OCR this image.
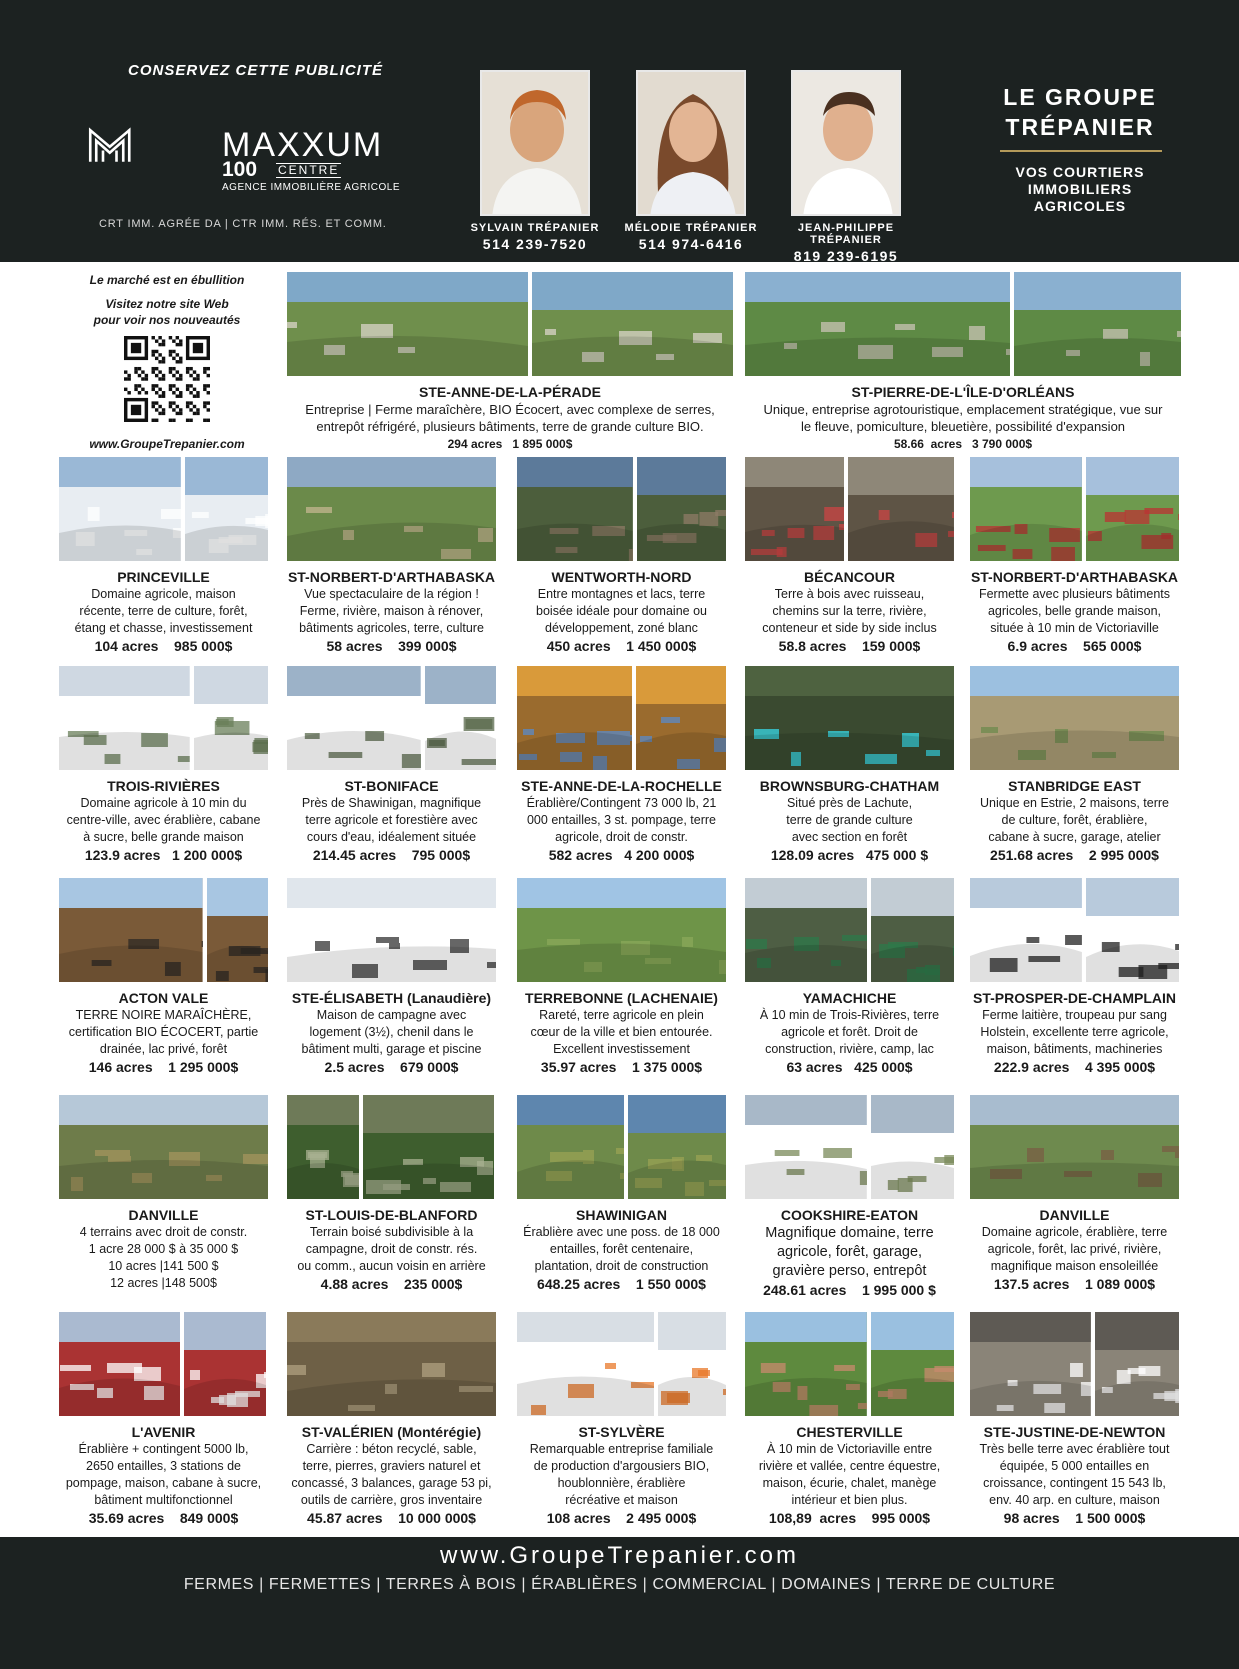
CONSERVEZ CETTE PUBLICITÉ
MAXXUM
100 CENTRE
AGENCE IMMOBILIÈRE AGRICOLE
CRT IMM. AGRÉE DA | CTR IMM. RÉS. ET COMM.	SYLVAIN TRÉPANIER
514 239-7520
MÉLODIE TRÉPANIER
514 974-6416
JEAN-PHILIPPE TRÉPANIER
819 239-6195
LE GROUPE
TRÉPANIER
VOS COURTIERS
IMMOBILIERS
AGRICOLES
Le marché est en ébullition
Visitez notre site Web
pour voir nos nouveautés
www.GroupeTrepanier.com
STE-ANNE-DE-LA-PÉRADE
Entreprise | Ferme maraîchère, BIO Écocert, avec complexe de serres,
entrepôt réfrigéré, plusieurs bâtiments, terre de grande culture BIO.
294 acres   1 895 000$
ST-PIERRE-DE-L'ÎLE-D'ORLÉANS
Unique, entreprise agrotouristique, emplacement stratégique, vue sur
le fleuve, pomiculture, bleuetière, possibilité d'expansion
58.66  acres   3 790 000$
PRINCEVILLE
Domaine agricole, maison
récente, terre de culture, forêt,
étang et chasse, investissement
104 acres    985 000$
ST-NORBERT-D'ARTHABASKA
Vue spectaculaire de la région !
Ferme, rivière, maison à rénover,
bâtiments agricoles, terre, culture
58 acres    399 000$
WENTWORTH-NORD
Entre montagnes et lacs, terre
boisée idéale pour domaine ou
développement, zoné blanc
450 acres    1 450 000$
BÉCANCOUR
Terre à bois avec ruisseau,
chemins sur la terre, rivière,
conteneur et side by side inclus
58.8 acres    159 000$
ST-NORBERT-D'ARTHABASKA
Fermette avec plusieurs bâtiments
agricoles, belle grande maison,
située à 10 min de Victoriaville
6.9 acres    565 000$
TROIS-RIVIÈRES
Domaine agricole à 10 min du
centre-ville, avec érablière, cabane
à sucre, belle grande maison
123.9 acres   1 200 000$
ST-BONIFACE
Près de Shawinigan, magnifique
terre agricole et forestière avec
cours d'eau, idéalement située
214.45 acres    795 000$
STE-ANNE-DE-LA-ROCHELLE
Érablière/Contingent 73 000 lb, 21
000 entailles, 3 st. pompage, terre
agricole, droit de constr.
582 acres   4 200 000$
BROWNSBURG-CHATHAM
Situé près de Lachute,
terre de grande culture
avec section en forêt
128.09 acres   475 000 $
STANBRIDGE EAST
Unique en Estrie, 2 maisons, terre
de culture, forêt, érablière,
cabane à sucre, garage, atelier
251.68 acres    2 995 000$
ACTON VALE
TERRE NOIRE MARAÎCHÈRE,
certification BIO ÉCOCERT, partie
drainée, lac privé, forêt
146 acres    1 295 000$
STE-ÉLISABETH (Lanaudière)
Maison de campagne avec
logement (3½), chenil dans le
bâtiment multi, garage et piscine
2.5 acres    679 000$
TERREBONNE (LACHENAIE)
Rareté, terre agricole en plein
cœur de la ville et bien entourée.
Excellent investissement
35.97 acres    1 375 000$
YAMACHICHE
À 10 min de Trois-Rivières, terre
agricole et forêt. Droit de
construction, rivière, camp, lac
63 acres   425 000$
ST-PROSPER-DE-CHAMPLAIN
Ferme laitière, troupeau pur sang
Holstein, excellente terre agricole,
maison, bâtiments, machineries
222.9 acres    4 395 000$
DANVILLE
4 terrains avec droit de constr.
1 acre 28 000 $ à 35 000 $
10 acres |141 500 $
12 acres |148 500$
ST-LOUIS-DE-BLANFORD
Terrain boisé subdivisible à la
campagne, droit de constr. rés.
ou comm., aucun voisin en arrière
4.88 acres    235 000$
SHAWINIGAN
Érablière avec une poss. de 18 000
entailles, forêt centenaire,
plantation, droit de construction
648.25 acres    1 550 000$
COOKSHIRE-EATON
Magnifique domaine, terre
agricole, forêt, garage,
gravière perso, entrepôt
248.61 acres    1 995 000 $
DANVILLE
Domaine agricole, érablière, terre
agricole, forêt, lac privé, rivière,
magnifique maison ensoleillée
137.5 acres    1 089 000$
L'AVENIR
Érablière + contingent 5000 lb,
2650 entailles, 3 stations de
pompage, maison, cabane à sucre,
bâtiment multifonctionnel
35.69 acres    849 000$
ST-VALÉRIEN (Montérégie)
Carrière : béton recyclé, sable,
terre, pierres, graviers naturel et
concassé, 3 balances, garage 53 pi,
outils de carrière, gros inventaire
45.87 acres    10 000 000$
ST-SYLVÈRE
Remarquable entreprise familiale
de production d'argousiers BIO,
houblonnière, érablière
récréative et maison
108 acres    2 495 000$
CHESTERVILLE
À 10 min de Victoriaville entre
rivière et vallée, centre équestre,
maison, écurie, chalet, manège
intérieur et bien plus.
108,89  acres    995 000$
STE-JUSTINE-DE-NEWTON
Très belle terre avec érablière tout
équipée, 5 000 entailles en
croissance, contingent 15 543 lb,
env. 40 arp. en culture, maison
98 acres    1 500 000$
www.GroupeTrepanier.com
FERMES | FERMETTES | TERRES À BOIS | ÉRABLIÈRES | COMMERCIAL | DOMAINES | TERRE DE CULTURE
